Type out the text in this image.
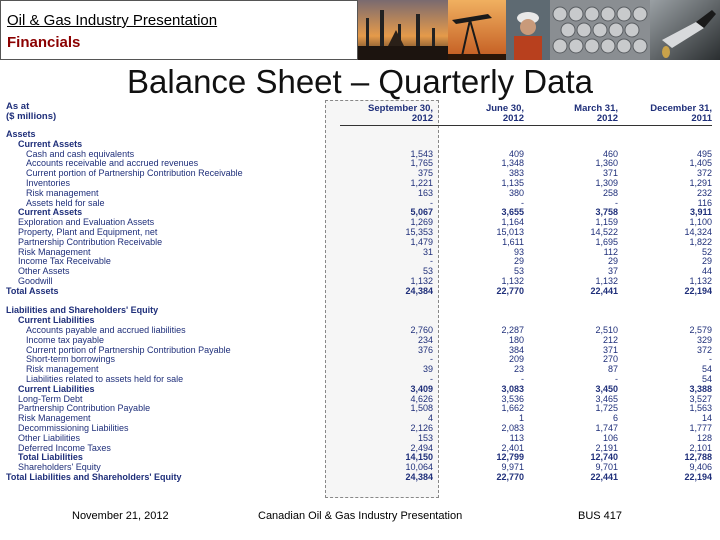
Oil & Gas Industry Presentation
Financials
Balance Sheet – Quarterly Data
As at
($ millions)
September 30,
2012
June 30,
2012
March 31,
2012
December 31,
2011
Assets
Current Assets
Cash and cash equivalents	1,543	409	460	495
Accounts receivable and accrued revenues	1,765	1,348	1,360	1,405
Current portion of Partnership Contribution Receivable	375	383	371	372
Inventories	1,221	1,135	1,309	1,291
Risk management	163	380	258	232
Assets held for sale	-	-	-	116
Current Assets	5,067	3,655	3,758	3,911
Exploration and Evaluation Assets	1,269	1,164	1,159	1,100
Property, Plant and Equipment, net	15,353	15,013	14,522	14,324
Partnership Contribution Receivable	1,479	1,611	1,695	1,822
Risk Management	31	93	112	52
Income Tax Receivable	-	29	29	29
Other Assets	53	53	37	44
Goodwill	1,132	1,132	1,132	1,132
Total Assets	24,384	22,770	22,441	22,194
Liabilities and Shareholders' Equity
Current Liabilities
Accounts payable and accrued liabilities	2,760	2,287	2,510	2,579
Income tax payable	234	180	212	329
Current portion of Partnership Contribution Payable	376	384	371	372
Short-term borrowings	-	209	270	-
Risk management	39	23	87	54
Liabilities related to assets held for sale	-	-	-	54
Current Liabilities	3,409	3,083	3,450	3,388
Long-Term Debt	4,626	3,536	3,465	3,527
Partnership Contribution Payable	1,508	1,662	1,725	1,563
Risk Management	4	1	6	14
Decommissioning Liabilities	2,126	2,083	1,747	1,777
Other Liabilities	153	113	106	128
Deferred Income Taxes	2,494	2,401	2,191	2,101
Total Liabilities	14,150	12,799	12,740	12,788
Shareholders' Equity	10,064	9,971	9,701	9,406
Total Liabilities and Shareholders' Equity	24,384	22,770	22,441	22,194
November 21, 2012	Canadian Oil & Gas Industry Presentation	BUS 417
